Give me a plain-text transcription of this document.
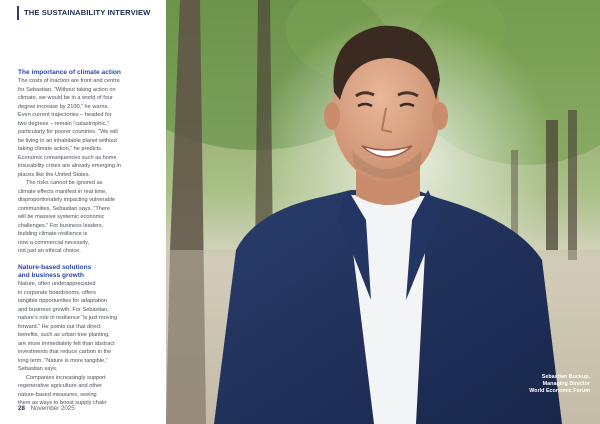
THE SUSTAINABILITY INTERVIEW
The importance of climate action

The costs of inaction are front and centre
for Sebastian. “Without taking action on
climate, we would be in a world of four
degree increase by 2100,” he warns.
Even current trajectories – headed for
two degrees – remain “catastrophic,”
particularly for poorer countries. “We will
be living in an inhabitable planet without
taking climate action,” he predicts.
Economic consequences such as home
insurability crises are already emerging in
places like the United States.

The risks cannot be ignored as
climate effects manifest in real time,
disproportionately impacting vulnerable
communities, Sebastian says. “There
will be massive systemic economic
challenges.” For business leaders,
building climate resilience is
now a commercial necessity,
not just an ethical choice.

Nature-based solutions
and business growth

Nature, often underappreciated
in corporate boardrooms, offers
tangible opportunities for adaptation
and business growth. For Sebastian,
nature’s role in resilience “is just moving
forward.” He points out that direct
benefits, such as urban tree planting,
are more immediately felt than abstract
investments that reduce carbon in the
long term. “Nature is more tangible,”
Sebastian says.

Companies increasingly support
regenerative agriculture and other
nature-based measures, seeing
them as ways to boost supply chain

28 November 2025
Sebastian Buckup,
Managing Director
World Economic Forum
